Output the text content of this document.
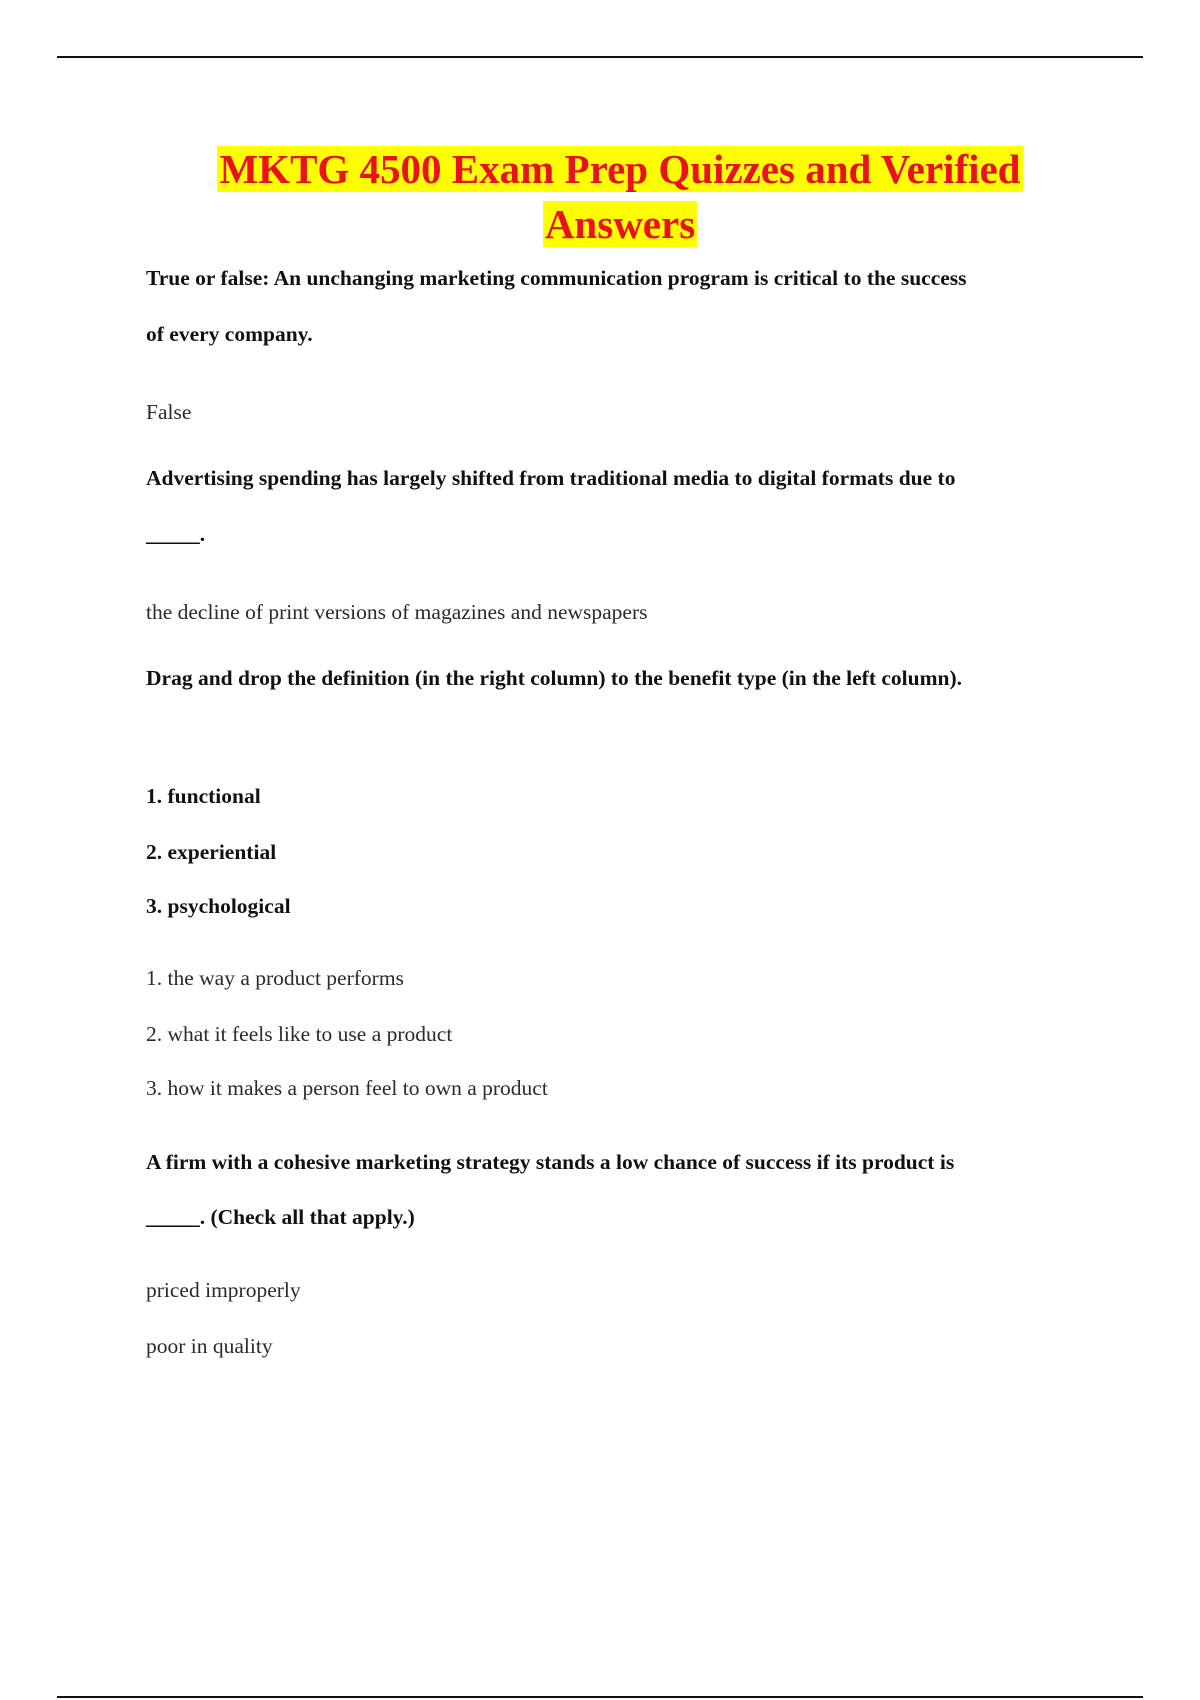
MKTG 4500 Exam Prep Quizzes and Verified
Answers

True or false: An unchanging marketing communication program is critical to the success

of every company.

False

Advertising spending has largely shifted from traditional media to digital formats due to

_____.

the decline of print versions of magazines and newspapers

Drag and drop the definition (in the right column) to the benefit type (in the left column).

1. functional

2. experiential

3. psychological

1. the way a product performs

2. what it feels like to use a product

3. how it makes a person feel to own a product

A firm with a cohesive marketing strategy stands a low chance of success if its product is

_____. (Check all that apply.)

priced improperly

poor in quality
